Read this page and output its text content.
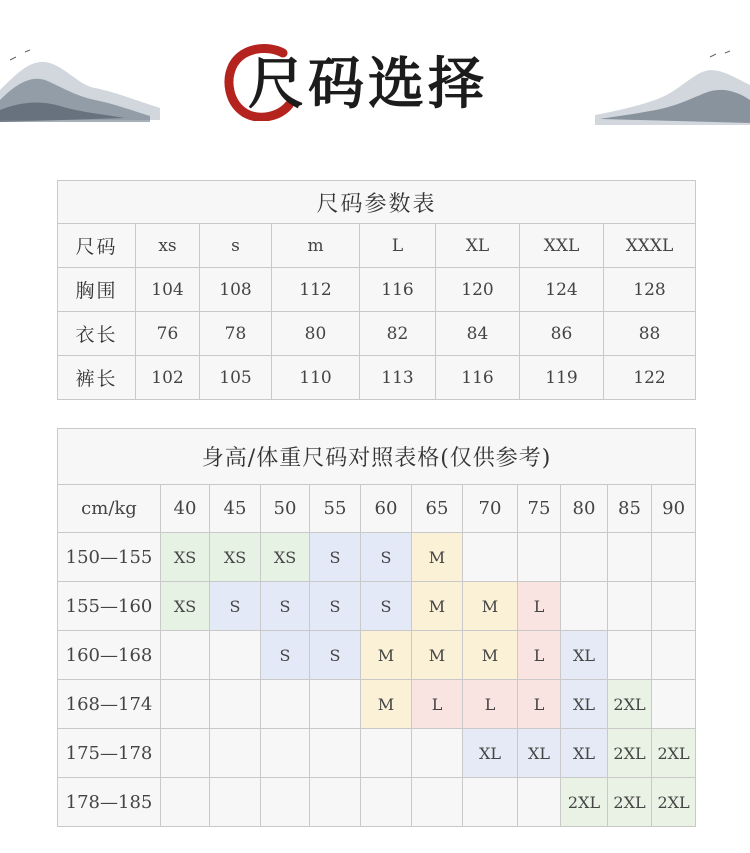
尺码选择
尺码参数表							
尺码	xs	s	m	L	XL	XXL	XXXL
胸围	104	108	112	116	120	124	128
衣长	76	78	80	82	84	86	88
裤长	102	105	110	113	116	119	122
身高/体重尺码对照表格(仅供参考)											
cm/kg	40	45	50	55	60	65	70	75	80	85	90
150—155	XS	XS	XS	S	S	M					
155—160	XS	S	S	S	S	M	M	L			
160—168			S	S	M	M	M	L	XL		
168—174					M	L	L	L	XL	2XL	
175—178							XL	XL	XL	2XL	2XL
178—185									2XL	2XL	2XL
